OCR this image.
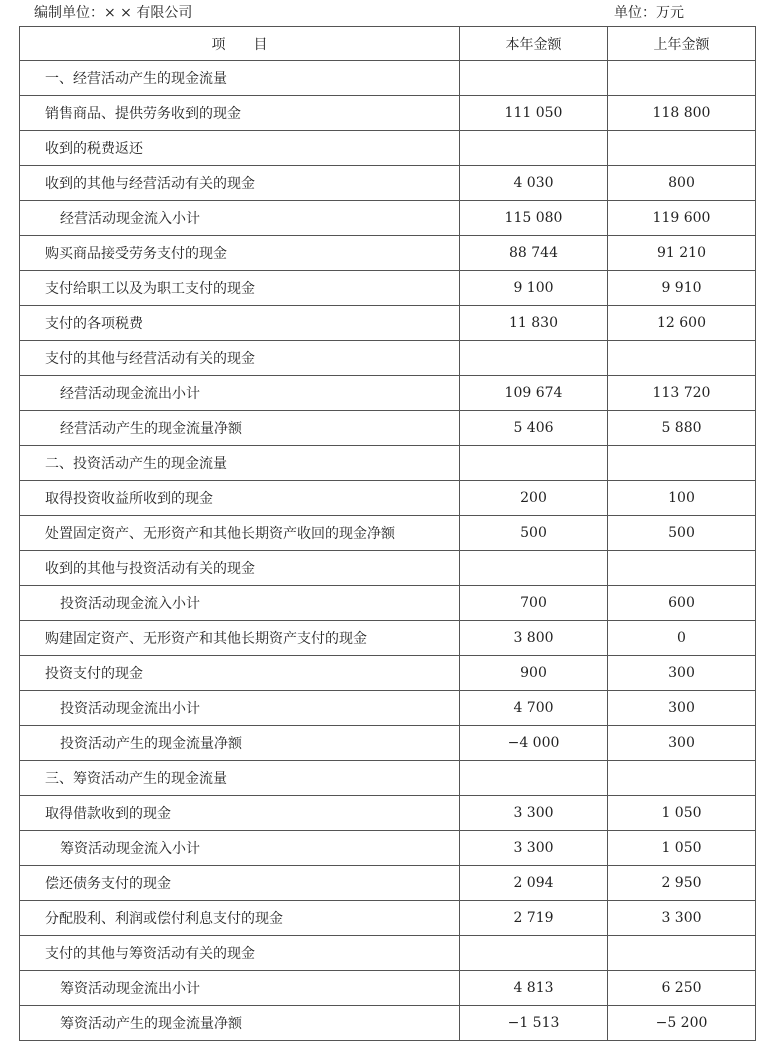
编制单位：× × 有限公司	单位：万元
项　　目	本年金额	上年金额
一、经营活动产生的现金流量		
销售商品、提供劳务收到的现金	111 050	118 800
收到的税费返还		
收到的其他与经营活动有关的现金	4 030	800
经营活动现金流入小计	115 080	119 600
购买商品接受劳务支付的现金	88 744	91 210
支付给职工以及为职工支付的现金	9 100	9 910
支付的各项税费	11 830	12 600
支付的其他与经营活动有关的现金		
经营活动现金流出小计	109 674	113 720
经营活动产生的现金流量净额	5 406	5 880
二、投资活动产生的现金流量		
取得投资收益所收到的现金	200	100
处置固定资产、无形资产和其他长期资产收回的现金净额	500	500
收到的其他与投资活动有关的现金		
投资活动现金流入小计	700	600
购建固定资产、无形资产和其他长期资产支付的现金	3 800	0
投资支付的现金	900	300
投资活动现金流出小计	4 700	300
投资活动产生的现金流量净额	−4 000	300
三、筹资活动产生的现金流量		
取得借款收到的现金	3 300	1 050
筹资活动现金流入小计	3 300	1 050
偿还债务支付的现金	2 094	2 950
分配股利、利润或偿付利息支付的现金	2 719	3 300
支付的其他与筹资活动有关的现金		
筹资活动现金流出小计	4 813	6 250
筹资活动产生的现金流量净额	−1 513	−5 200
